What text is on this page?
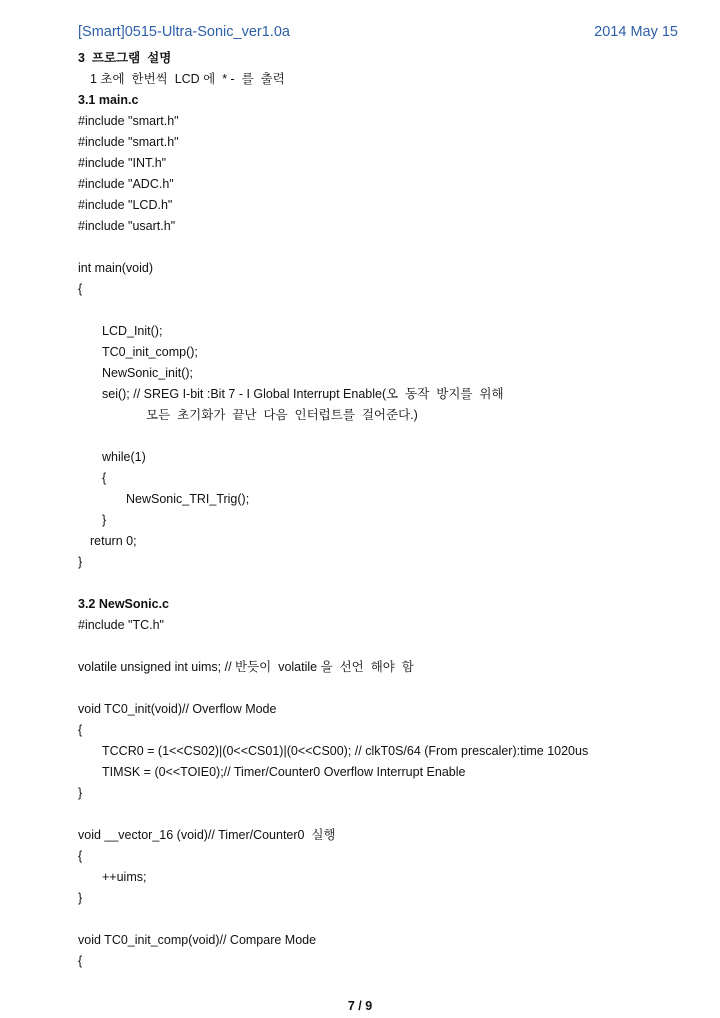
[Smart]0515-Ultra-Sonic_ver1.0a	2014 May 15
3  프로그램  설명
1 초에  한번씩  LCD 에  * -  를  출력
3.1 main.c
#include "smart.h"
#include "smart.h"
#include "INT.h"
#include "ADC.h"
#include "LCD.h"
#include "usart.h"
int main(void)
{
LCD_Init();
TC0_init_comp();
NewSonic_init();
sei(); // SREG I-bit :Bit 7 - I Global Interrupt Enable(오  동작  방지를  위해
모든  초기화가  끝난  다음  인터럽트를  걸어준다.)
while(1)
{
NewSonic_TRI_Trig();
}
return 0;
}
3.2 NewSonic.c
#include "TC.h"
volatile unsigned int uims; // 반듯이  volatile 을  선언  해야  함
void TC0_init(void)// Overflow Mode
{
TCCR0 = (1<<CS02)|(0<<CS01)|(0<<CS00); // clkT0S/64 (From prescaler):time 1020us
TIMSK = (0<<TOIE0);// Timer/Counter0 Overflow Interrupt Enable
}
void __vector_16 (void)// Timer/Counter0  실행
{
++uims;
}
void TC0_init_comp(void)// Compare Mode
{
7 / 9
